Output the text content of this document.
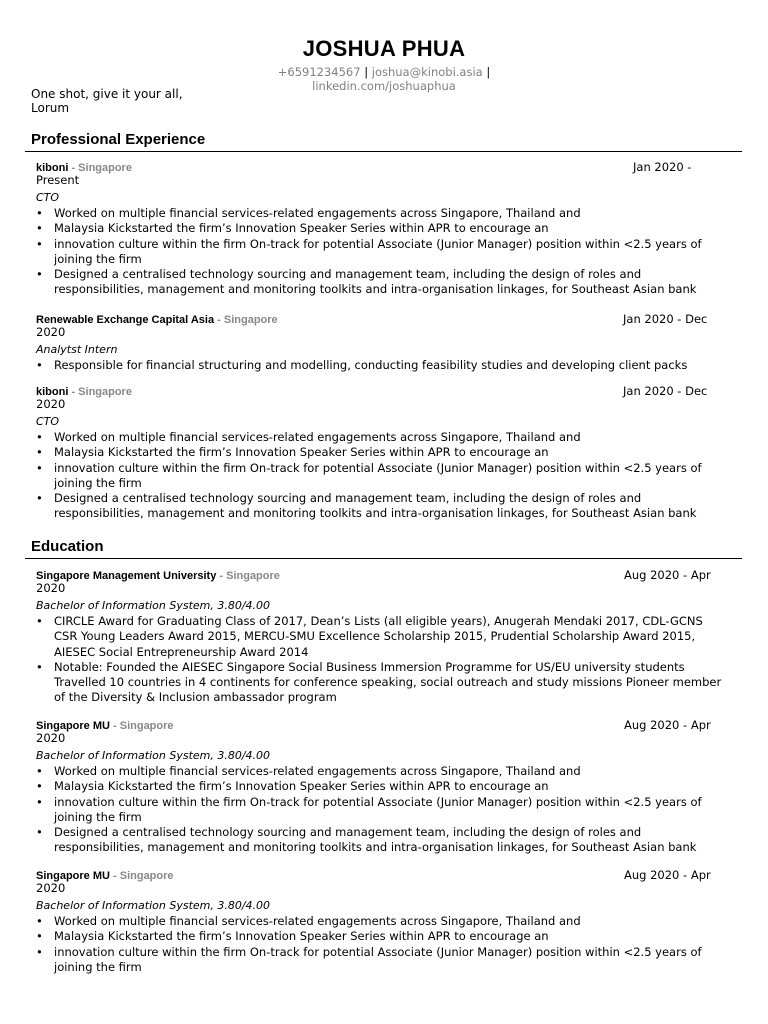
JOSHUA PHUA
+6591234567 | joshua@kinobi.asia |
linkedin.com/joshuaphua
One shot, give it your all,
Lorum
Professional Experience
kiboni - Singapore	Jan 2020 -
Present
CTO
• Worked on multiple financial services-related engagements across Singapore, Thailand and
• Malaysia Kickstarted the firm’s Innovation Speaker Series within APR to encourage an
• innovation culture within the firm On-track for potential Associate (Junior Manager) position within <2.5 years of joining the firm
• Designed a centralised technology sourcing and management team, including the design of roles and responsibilities, management and monitoring toolkits and intra-organisation linkages, for Southeast Asian bank
Renewable Exchange Capital Asia - Singapore	Jan 2020 - Dec
2020
Analytst Intern
• Responsible for financial structuring and modelling, conducting feasibility studies and developing client packs
kiboni - Singapore	Jan 2020 - Dec
2020
CTO
• Worked on multiple financial services-related engagements across Singapore, Thailand and
• Malaysia Kickstarted the firm’s Innovation Speaker Series within APR to encourage an
• innovation culture within the firm On-track for potential Associate (Junior Manager) position within <2.5 years of joining the firm
• Designed a centralised technology sourcing and management team, including the design of roles and responsibilities, management and monitoring toolkits and intra-organisation linkages, for Southeast Asian bank
Education
Singapore Management University - Singapore	Aug 2020 - Apr
2020
Bachelor of Information System, 3.80/4.00
• CIRCLE Award for Graduating Class of 2017, Dean’s Lists (all eligible years), Anugerah Mendaki 2017, CDL-GCNS CSR Young Leaders Award 2015, MERCU-SMU Excellence Scholarship 2015, Prudential Scholarship Award 2015, AIESEC Social Entrepreneurship Award 2014
• Notable: Founded the AIESEC Singapore Social Business Immersion Programme for US/EU university students Travelled 10 countries in 4 continents for conference speaking, social outreach and study missions Pioneer member of the Diversity & Inclusion ambassador program
Singapore MU - Singapore	Aug 2020 - Apr
2020
Bachelor of Information System, 3.80/4.00
• Worked on multiple financial services-related engagements across Singapore, Thailand and
• Malaysia Kickstarted the firm’s Innovation Speaker Series within APR to encourage an
• innovation culture within the firm On-track for potential Associate (Junior Manager) position within <2.5 years of joining the firm
• Designed a centralised technology sourcing and management team, including the design of roles and responsibilities, management and monitoring toolkits and intra-organisation linkages, for Southeast Asian bank
Singapore MU - Singapore	Aug 2020 - Apr
2020
Bachelor of Information System, 3.80/4.00
• Worked on multiple financial services-related engagements across Singapore, Thailand and
• Malaysia Kickstarted the firm’s Innovation Speaker Series within APR to encourage an
• innovation culture within the firm On-track for potential Associate (Junior Manager) position within <2.5 years of joining the firm
